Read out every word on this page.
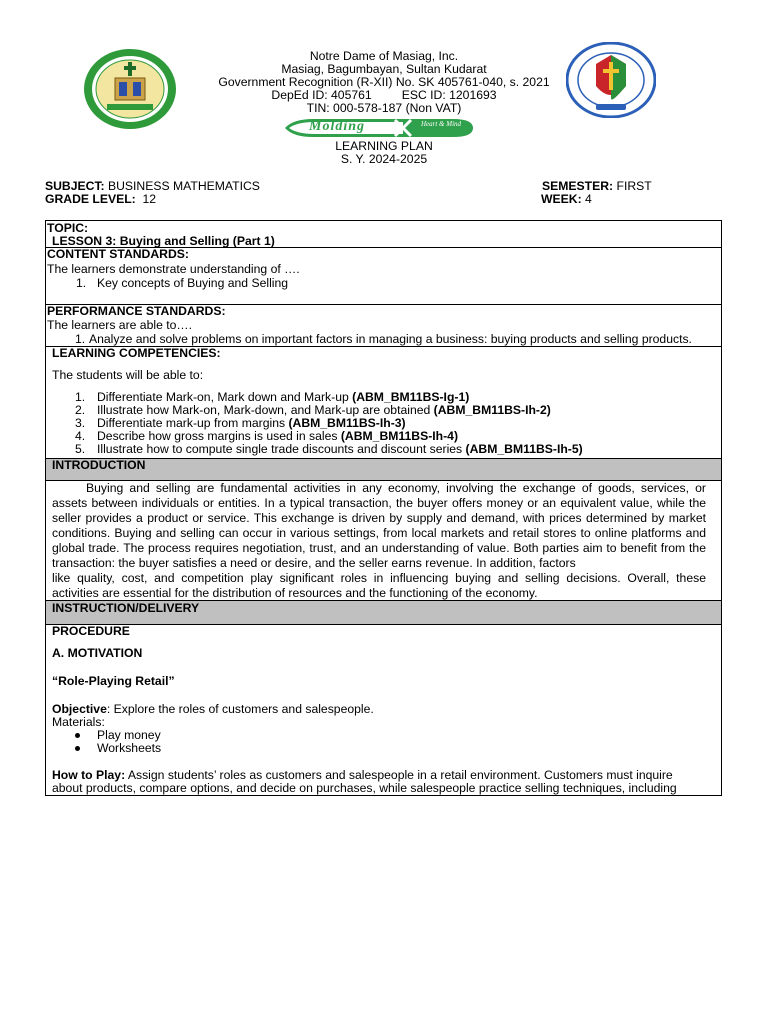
Notre Dame of Masiag, Inc.
Masiag, Bagumbayan, Sultan Kudarat
Government Recognition (R-XII) No. SK 405761-040, s. 2021
DepEd ID: 405761 ESC ID: 1201693
TIN: 000-578-187 (Non VAT)
Molding	Heart & Mind
LEARNING PLAN
S. Y. 2024-2025
SUBJECT: BUSINESS MATHEMATICS
GRADE LEVEL: 12
SEMESTER: FIRST
WEEK: 4
TOPIC:
LESSON 3: Buying and Selling (Part 1)
CONTENT STANDARDS:
The learners demonstrate understanding of ….
1. Key concepts of Buying and Selling
PERFORMANCE STANDARDS:
The learners are able to….
1. Analyze and solve problems on important factors in managing a business: buying products and selling products.
LEARNING COMPETENCIES:
The students will be able to:
1. Differentiate Mark-on, Mark down and Mark-up (ABM_BM11BS-Ig-1)
2. Illustrate how Mark-on, Mark-down, and Mark-up are obtained (ABM_BM11BS-Ih-2)
3. Differentiate mark-up from margins (ABM_BM11BS-Ih-3)
4. Describe how gross margins is used in sales (ABM_BM11BS-Ih-4)
5. Illustrate how to compute single trade discounts and discount series (ABM_BM11BS-Ih-5)
INTRODUCTION
Buying and selling are fundamental activities in any economy, involving the exchange of goods, services, or
assets between individuals or entities. In a typical transaction, the buyer offers money or an equivalent value, while the
seller provides a product or service. This exchange is driven by supply and demand, with prices determined by market
conditions. Buying and selling can occur in various settings, from local markets and retail stores to online platforms and
global trade. The process requires negotiation, trust, and an understanding of value. Both parties aim to benefit from the
transaction: the buyer satisfies a need or desire, and the seller earns revenue. In addition, factors
like quality, cost, and competition play significant roles in influencing buying and selling decisions. Overall, these
activities are essential for the distribution of resources and the functioning of the economy.
INSTRUCTION/DELIVERY
PROCEDURE
A. MOTIVATION
“Role-Playing Retail”
Objective: Explore the roles of customers and salespeople.
Materials:
Play money
Worksheets
How to Play: Assign students’ roles as customers and salespeople in a retail environment. Customers must inquire
about products, compare options, and decide on purchases, while salespeople practice selling techniques, including
